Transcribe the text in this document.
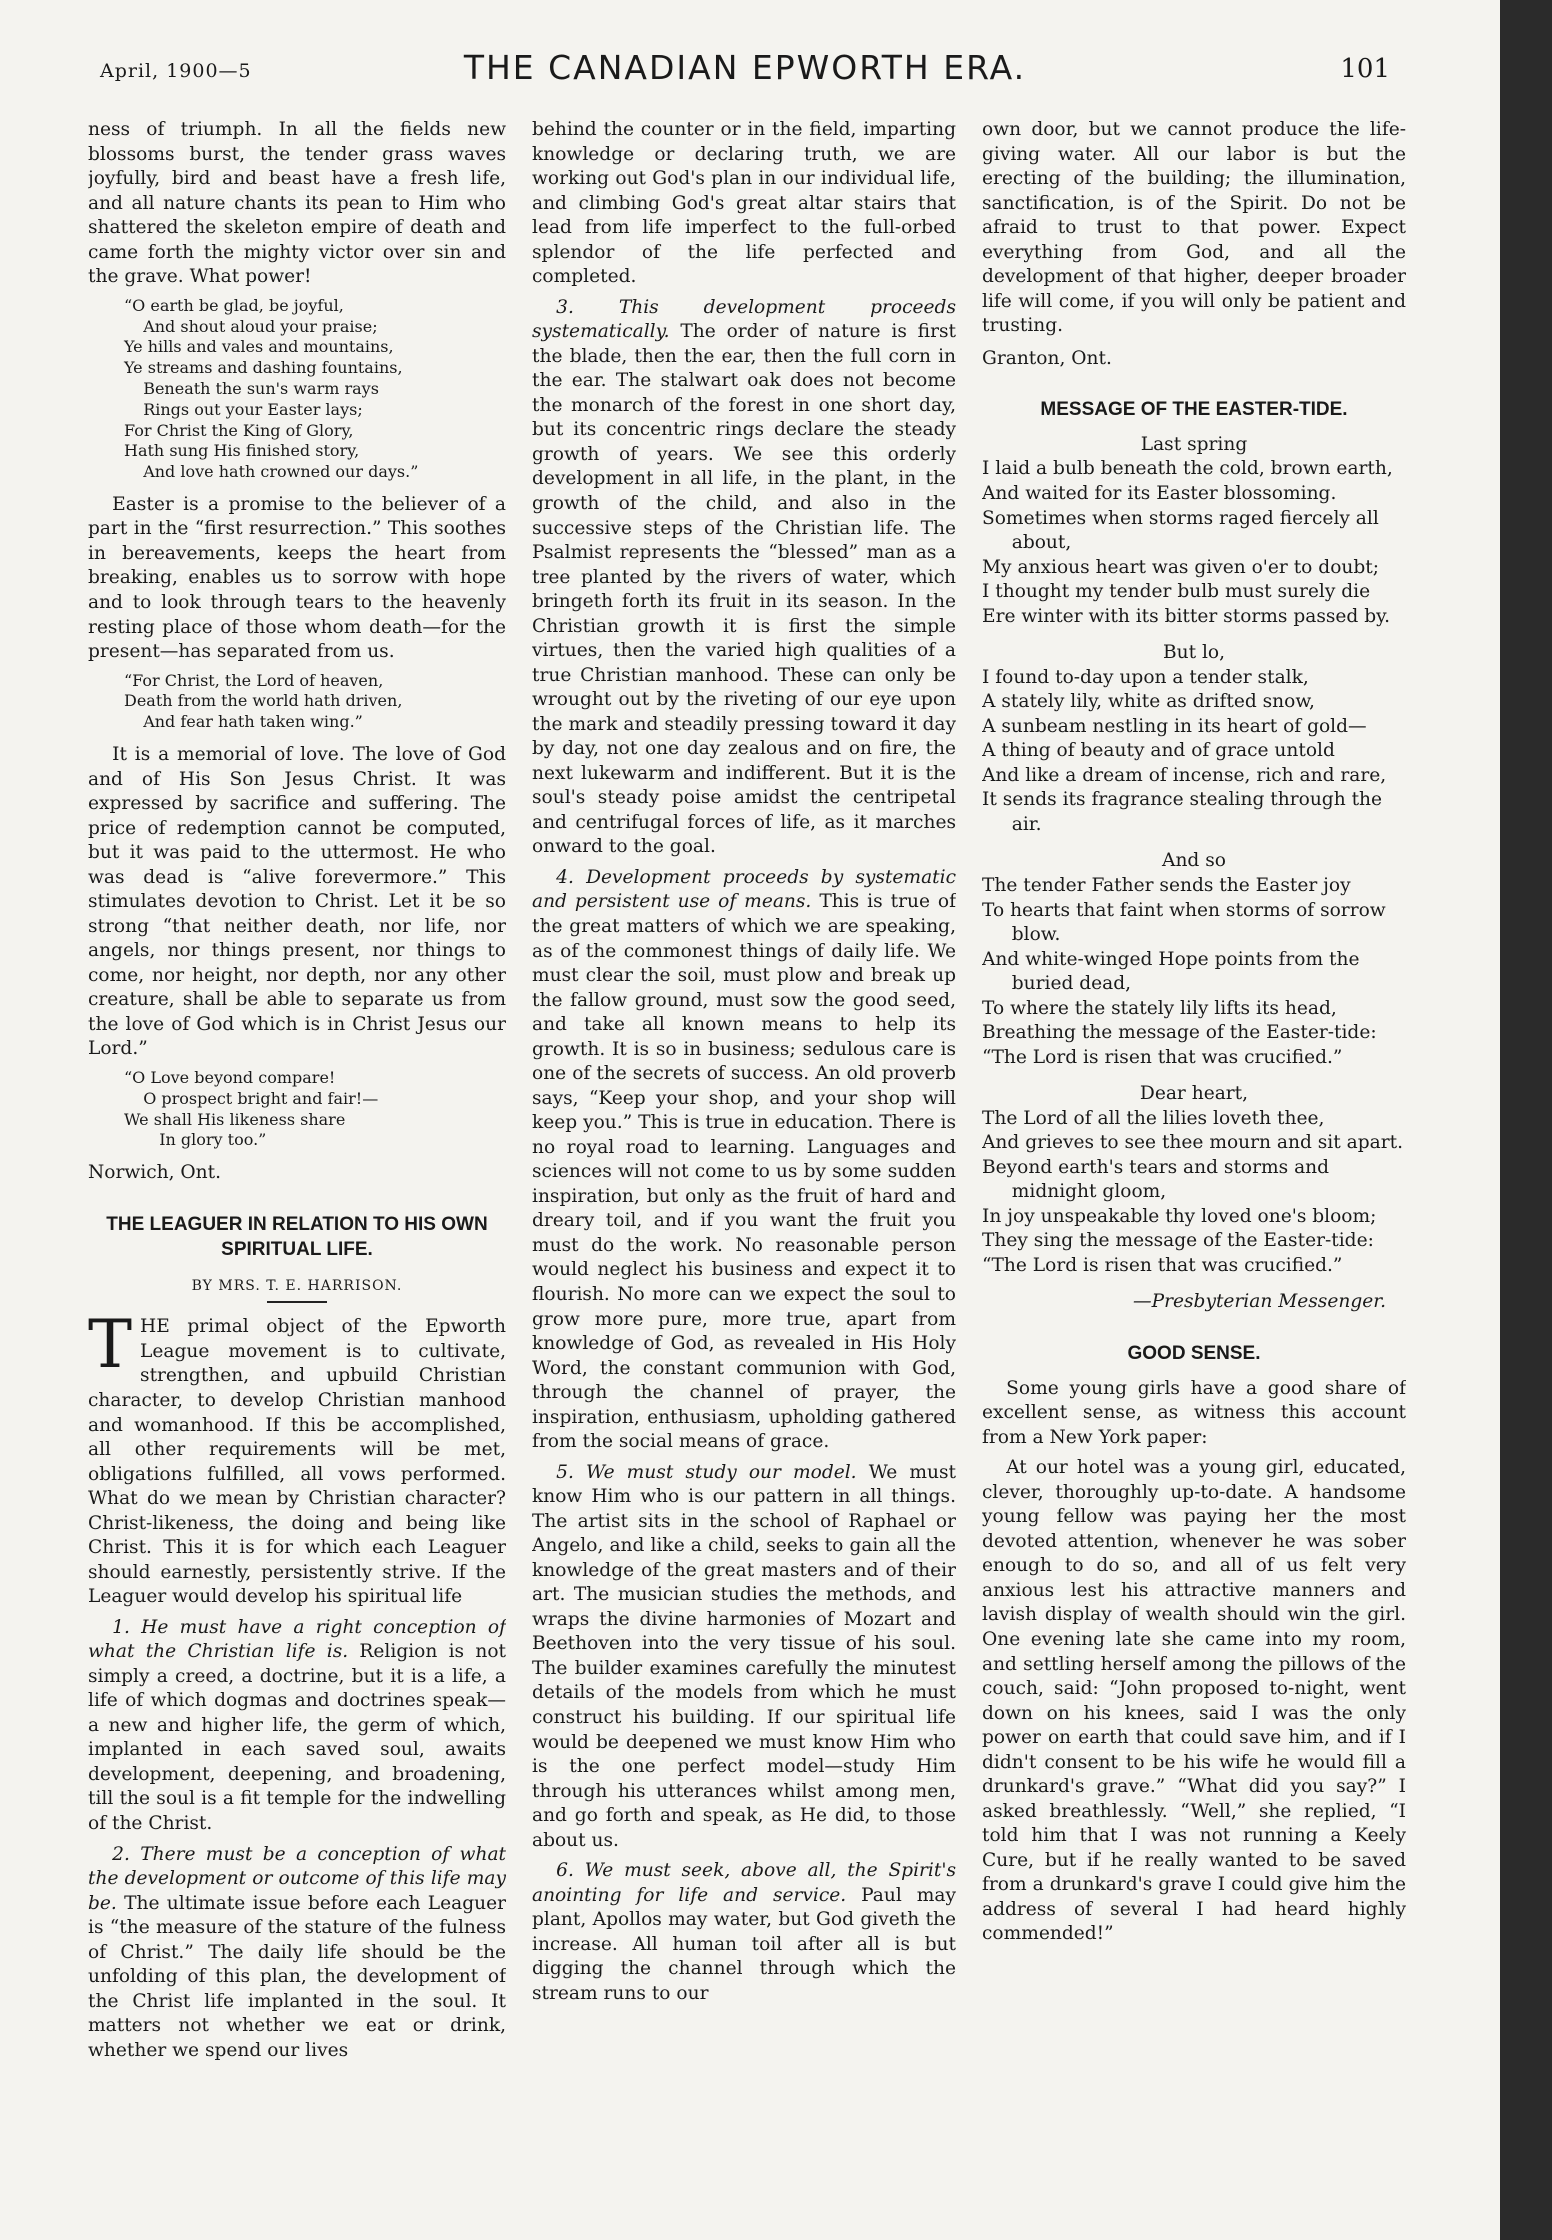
April, 1900—5	THE CANADIAN EPWORTH ERA.	101

ness of triumph. In all the fields new blossoms burst, the tender grass waves joyfully, bird and beast have a fresh life, and all nature chants its pean to Him who shattered the skeleton empire of death and came forth the mighty victor over sin and the grave. What power!

“O earth be glad, be joyful,
And shout aloud your praise;
Ye hills and vales and mountains,
Ye streams and dashing fountains,
Beneath the sun's warm rays
Rings out your Easter lays;
For Christ the King of Glory,
Hath sung His finished story,
And love hath crowned our days.”

Easter is a promise to the believer of a part in the “first resurrection.” This soothes in bereavements, keeps the heart from breaking, enables us to sorrow with hope and to look through tears to the heavenly resting place of those whom death—for the present—has separated from us.

“For Christ, the Lord of heaven,
Death from the world hath driven,
And fear hath taken wing.”

It is a memorial of love. The love of God and of His Son Jesus Christ. It was expressed by sacrifice and suffering. The price of redemption cannot be computed, but it was paid to the uttermost. He who was dead is “alive forevermore.” This stimulates devotion to Christ. Let it be so strong “that neither death, nor life, nor angels, nor things present, nor things to come, nor height, nor depth, nor any other creature, shall be able to separate us from the love of God which is in Christ Jesus our Lord.”

“O Love beyond compare!
O prospect bright and fair!—
We shall His likeness share
In glory too.”

Norwich, Ont.

THE LEAGUER IN RELATION TO HIS OWN SPIRITUAL LIFE.
BY MRS. T. E. HARRISON.

THE primal object of the Epworth League movement is to cultivate, strengthen, and upbuild Christian character, to develop Christian manhood and womanhood. If this be accomplished, all other requirements will be met, obligations fulfilled, all vows performed. What do we mean by Christian character? Christ-likeness, the doing and being like Christ. This it is for which each Leaguer should earnestly, persistently strive. If the Leaguer would develop his spiritual life

1. He must have a right conception of what the Christian life is. Religion is not simply a creed, a doctrine, but it is a life, a life of which dogmas and doctrines speak—a new and higher life, the germ of which, implanted in each saved soul, awaits development, deepening, and broadening, till the soul is a fit temple for the indwelling of the Christ.

2. There must be a conception of what the development or outcome of this life may be. The ultimate issue before each Leaguer is “the measure of the stature of the fulness of Christ.” The daily life should be the unfolding of this plan, the development of the Christ life implanted in the soul. It matters not whether we eat or drink, whether we spend our lives

behind the counter or in the field, imparting knowledge or declaring truth, we are working out God's plan in our individual life, and climbing God's great altar stairs that lead from life imperfect to the full-orbed splendor of the life perfected and completed.

3. This development proceeds systematically. The order of nature is first the blade, then the ear, then the full corn in the ear. The stalwart oak does not become the monarch of the forest in one short day, but its concentric rings declare the steady growth of years. We see this orderly development in all life, in the plant, in the growth of the child, and also in the successive steps of the Christian life. The Psalmist represents the “blessed” man as a tree planted by the rivers of water, which bringeth forth its fruit in its season. In the Christian growth it is first the simple virtues, then the varied high qualities of a true Christian manhood. These can only be wrought out by the riveting of our eye upon the mark and steadily pressing toward it day by day, not one day zealous and on fire, the next lukewarm and indifferent. But it is the soul's steady poise amidst the centripetal and centrifugal forces of life, as it marches onward to the goal.

4. Development proceeds by systematic and persistent use of means. This is true of the great matters of which we are speaking, as of the commonest things of daily life. We must clear the soil, must plow and break up the fallow ground, must sow the good seed, and take all known means to help its growth. It is so in business; sedulous care is one of the secrets of success. An old proverb says, “Keep your shop, and your shop will keep you.” This is true in education. There is no royal road to learning. Languages and sciences will not come to us by some sudden inspiration, but only as the fruit of hard and dreary toil, and if you want the fruit you must do the work. No reasonable person would neglect his business and expect it to flourish. No more can we expect the soul to grow more pure, more true, apart from knowledge of God, as revealed in His Holy Word, the constant communion with God, through the channel of prayer, the inspiration, enthusiasm, upholding gathered from the social means of grace.

5. We must study our model. We must know Him who is our pattern in all things. The artist sits in the school of Raphael or Angelo, and like a child, seeks to gain all the knowledge of the great masters and of their art. The musician studies the methods, and wraps the divine harmonies of Mozart and Beethoven into the very tissue of his soul. The builder examines carefully the minutest details of the models from which he must construct his building. If our spiritual life would be deepened we must know Him who is the one perfect model—study Him through his utterances whilst among men, and go forth and speak, as He did, to those about us.

6. We must seek, above all, the Spirit's anointing for life and service. Paul may plant, Apollos may water, but God giveth the increase. All human toil after all is but digging the channel through which the stream runs to our

own door, but we cannot produce the life-giving water. All our labor is but the erecting of the building; the illumination, sanctification, is of the Spirit. Do not be afraid to trust to that power. Expect everything from God, and all the development of that higher, deeper broader life will come, if you will only be patient and trusting.

Granton, Ont.

MESSAGE OF THE EASTER-TIDE.
Last spring
I laid a bulb beneath the cold, brown earth,
And waited for its Easter blossoming.
Sometimes when storms raged fiercely all about,
My anxious heart was given o'er to doubt;
I thought my tender bulb must surely die
Ere winter with its bitter storms passed by.
But lo,
I found to-day upon a tender stalk,
A stately lily, white as drifted snow,
A sunbeam nestling in its heart of gold—
A thing of beauty and of grace untold
And like a dream of incense, rich and rare,
It sends its fragrance stealing through the air.
And so
The tender Father sends the Easter joy
To hearts that faint when storms of sorrow blow.
And white-winged Hope points from the buried dead,
To where the stately lily lifts its head,
Breathing the message of the Easter-tide:
“The Lord is risen that was crucified.”
Dear heart,
The Lord of all the lilies loveth thee,
And grieves to see thee mourn and sit apart.
Beyond earth's tears and storms and midnight gloom,
In joy unspeakable thy loved one's bloom;
They sing the message of the Easter-tide:
“The Lord is risen that was crucified.”
—Presbyterian Messenger.
GOOD SENSE.

Some young girls have a good share of excellent sense, as witness this account from a New York paper:

At our hotel was a young girl, educated, clever, thoroughly up-to-date. A handsome young fellow was paying her the most devoted attention, whenever he was sober enough to do so, and all of us felt very anxious lest his attractive manners and lavish display of wealth should win the girl. One evening late she came into my room, and settling herself among the pillows of the couch, said: “John proposed to-night, went down on his knees, said I was the only power on earth that could save him, and if I didn't consent to be his wife he would fill a drunkard's grave.” “What did you say?” I asked breathlessly. “Well,” she replied, “I told him that I was not running a Keely Cure, but if he really wanted to be saved from a drunkard's grave I could give him the address of several I had heard highly commended!”
